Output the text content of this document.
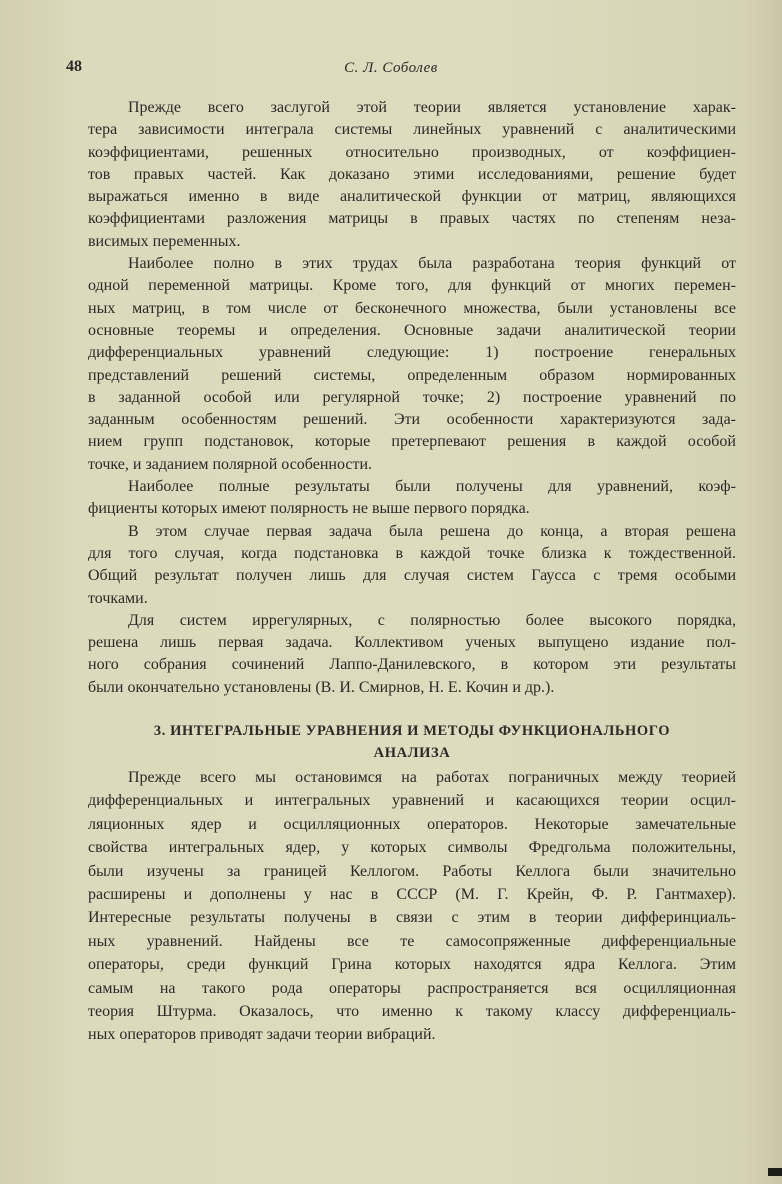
48	С. Л. Соболев
Прежде всего заслугой этой теории является установление харак-
тера зависимости интеграла системы линейных уравнений с аналитическими
коэффициентами, решенных относительно производных, от коэффициен-
тов правых частей. Как доказано этими исследованиями, решение будет
выражаться именно в виде аналитической функции от матриц, являющихся
коэффициентами разложения матрицы в правых частях по степеням неза-
висимых переменных.
Наиболее полно в этих трудах была разработана теория функций от
одной переменной матрицы. Кроме того, для функций от многих перемен-
ных матриц, в том числе от бесконечного множества, были установлены все
основные теоремы и определения. Основные задачи аналитической теории
дифференциальных уравнений следующие: 1) построение генеральных
представлений решений системы, определенным образом нормированных
в заданной особой или регулярной точке; 2) построение уравнений по
заданным особенностям решений. Эти особенности характеризуются зада-
нием групп подстановок, которые претерпевают решения в каждой особой
точке, и заданием полярной особенности.
Наиболее полные результаты были получены для уравнений, коэф-
фициенты которых имеют полярность не выше первого порядка.
В этом случае первая задача была решена до конца, а вторая решена
для того случая, когда подстановка в каждой точке близка к тождественной.
Общий результат получен лишь для случая систем Гаусса с тремя особыми
точками.
Для систем иррегулярных, с полярностью более высокого порядка,
решена лишь первая задача. Коллективом ученых выпущено издание пол-
ного собрания сочинений Лаппо-Данилевского, в котором эти результаты
были окончательно установлены (В. И. Смирнов, Н. Е. Кочин и др.).
3. ИНТЕГРАЛЬНЫЕ УРАВНЕНИЯ И МЕТОДЫ ФУНКЦИОНАЛЬНОГО
АНАЛИЗА
Прежде всего мы остановимся на работах пограничных между теорией
дифференциальных и интегральных уравнений и касающихся теории осцил-
ляционных ядер и осцилляционных операторов. Некоторые замечательные
свойства интегральных ядер, у которых символы Фредгольма положительны,
были изучены за границей Келлогом. Работы Келлога были значительно
расширены и дополнены у нас в СССР (М. Г. Крейн, Ф. Р. Гантмахер).
Интересные результаты получены в связи с этим в теории дифферинциаль-
ных уравнений. Найдены все те самосопряженные дифференциальные
операторы, среди функций Грина которых находятся ядра Келлога. Этим
самым на такого рода операторы распространяется вся осцилляционная
теория Штурма. Оказалось, что именно к такому классу дифференциаль-
ных операторов приводят задачи теории вибраций.
